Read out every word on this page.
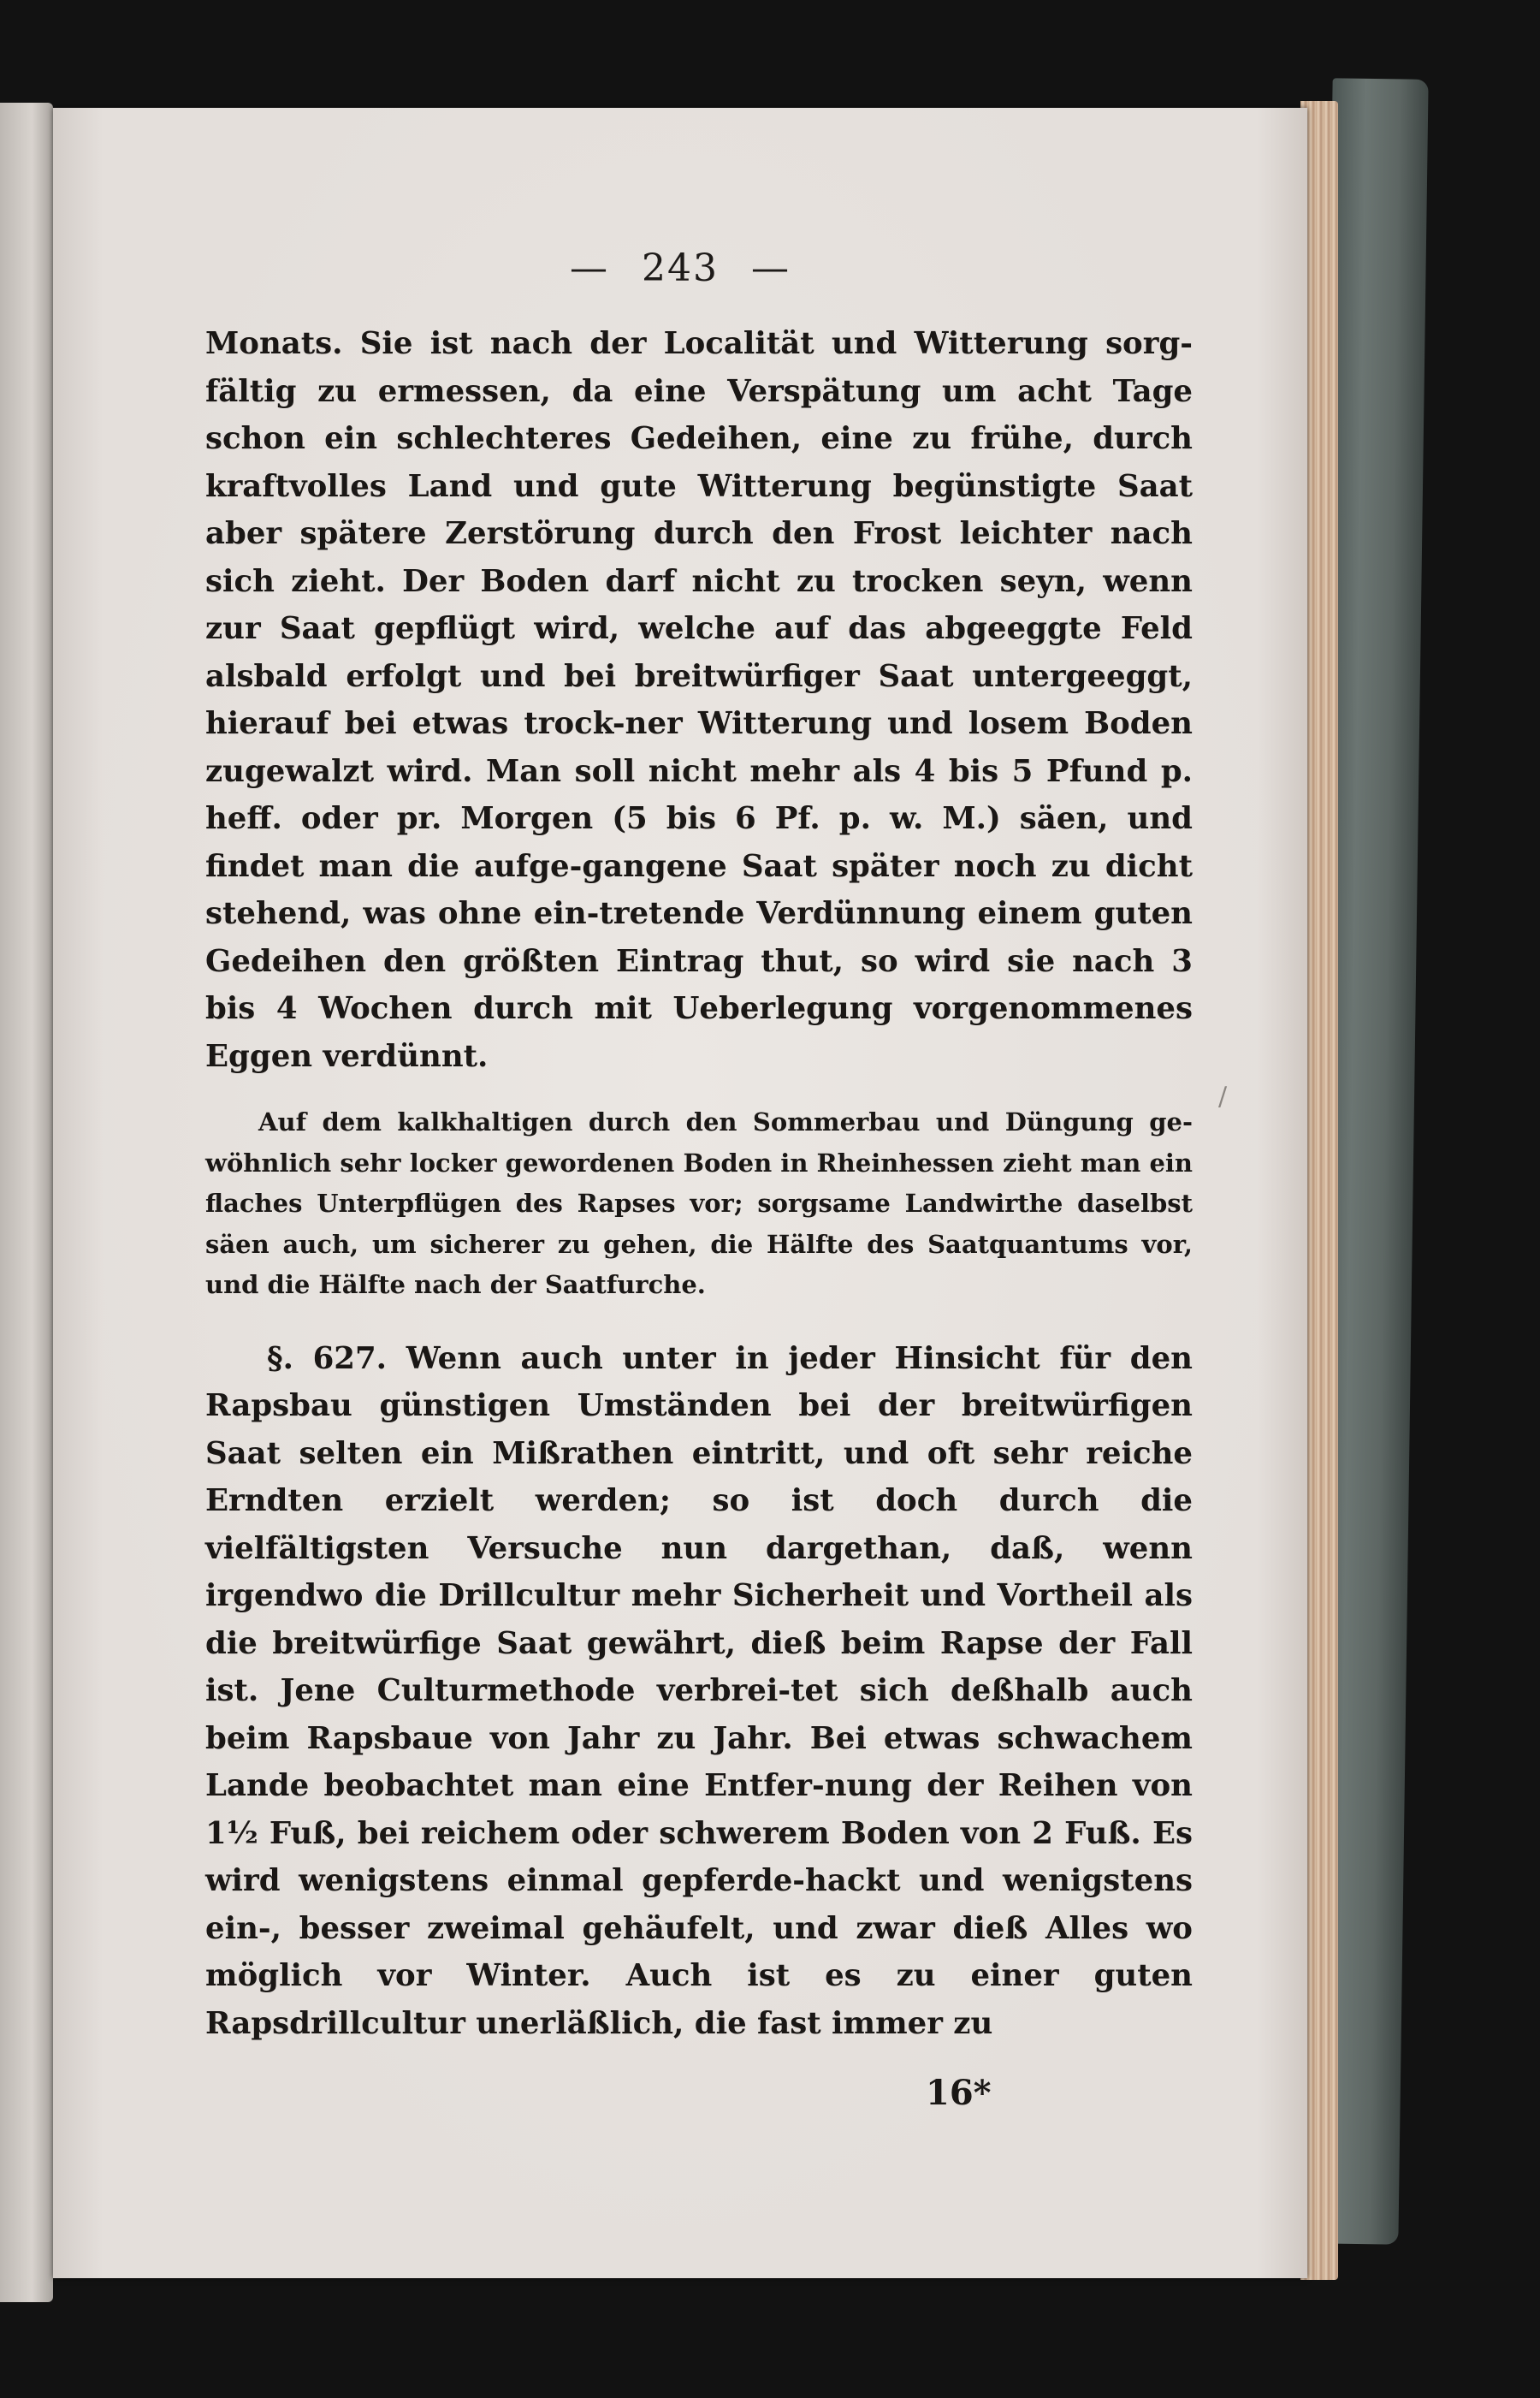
— 243 —

Monats. Sie ist nach der Localität und Witterung sorg-fältig zu ermessen, da eine Verspätung um acht Tage schon ein schlechteres Gedeihen, eine zu frühe, durch kraftvolles Land und gute Witterung begünstigte Saat aber spätere Zerstörung durch den Frost leichter nach sich zieht. Der Boden darf nicht zu trocken seyn, wenn zur Saat gepflügt wird, welche auf das abgeeggte Feld alsbald erfolgt und bei breitwürfiger Saat untergeeggt, hierauf bei etwas trock-ner Witterung und losem Boden zugewalzt wird. Man soll nicht mehr als 4 bis 5 Pfund p. heff. oder pr. Morgen (5 bis 6 Pf. p. w. M.) säen, und findet man die aufge-gangene Saat später noch zu dicht stehend, was ohne ein-tretende Verdünnung einem guten Gedeihen den größten Eintrag thut, so wird sie nach 3 bis 4 Wochen durch mit Ueberlegung vorgenommenes Eggen verdünnt.

Auf dem kalkhaltigen durch den Sommerbau und Düngung ge-wöhnlich sehr locker gewordenen Boden in Rheinhessen zieht man ein flaches Unterpflügen des Rapses vor; sorgsame Landwirthe daselbst säen auch, um sicherer zu gehen, die Hälfte des Saatquantums vor, und die Hälfte nach der Saatfurche.

§. 627. Wenn auch unter in jeder Hinsicht für den Rapsbau günstigen Umständen bei der breitwürfigen Saat selten ein Mißrathen eintritt, und oft sehr reiche Erndten erzielt werden; so ist doch durch die vielfältigsten Versuche nun dargethan, daß, wenn irgendwo die Drillcultur mehr Sicherheit und Vortheil als die breitwürfige Saat gewährt, dieß beim Rapse der Fall ist. Jene Culturmethode verbrei-tet sich deßhalb auch beim Rapsbaue von Jahr zu Jahr. Bei etwas schwachem Lande beobachtet man eine Entfer-nung der Reihen von 1½ Fuß, bei reichem oder schwerem Boden von 2 Fuß. Es wird wenigstens einmal gepferde-hackt und wenigstens ein-, besser zweimal gehäufelt, und zwar dieß Alles wo möglich vor Winter. Auch ist es zu einer guten Rapsdrillcultur unerläßlich, die fast immer zu

16*
/
